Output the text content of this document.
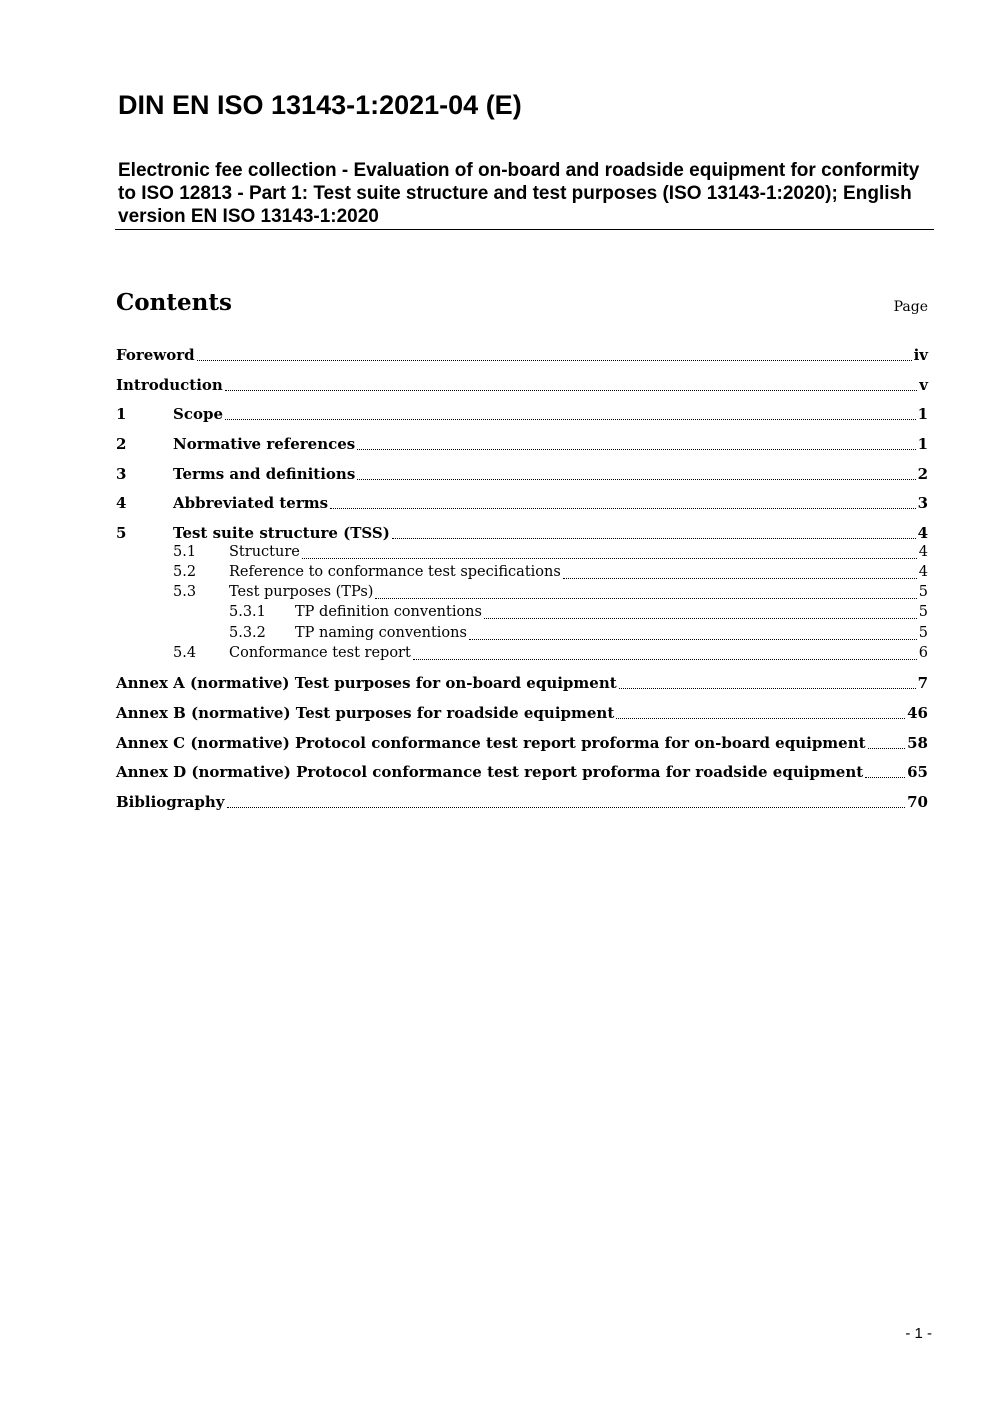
DIN EN ISO 13143-1:2021-04 (E)
Electronic fee collection - Evaluation of on-board and roadside equipment for conformity to ISO 12813 - Part 1: Test suite structure and test purposes (ISO 13143-1:2020); English version EN ISO 13143-1:2020
Contents	Page
Foreword	iv
Introduction	v
1	Scope	1
2	Normative references	1
3	Terms and definitions	2
4	Abbreviated terms	3
5	Test suite structure (TSS)	4
5.1	Structure	4
5.2	Reference to conformance test specifications	4
5.3	Test purposes (TPs)	5
5.3.1	TP definition conventions	5
5.3.2	TP naming conventions	5
5.4	Conformance test report	6
Annex A (normative) Test purposes for on-board equipment	7
Annex B (normative) Test purposes for roadside equipment	46
Annex C (normative) Protocol conformance test report proforma for on-board equipment	58
Annex D (normative) Protocol conformance test report proforma for roadside equipment	65
Bibliography	70
- 1 -
